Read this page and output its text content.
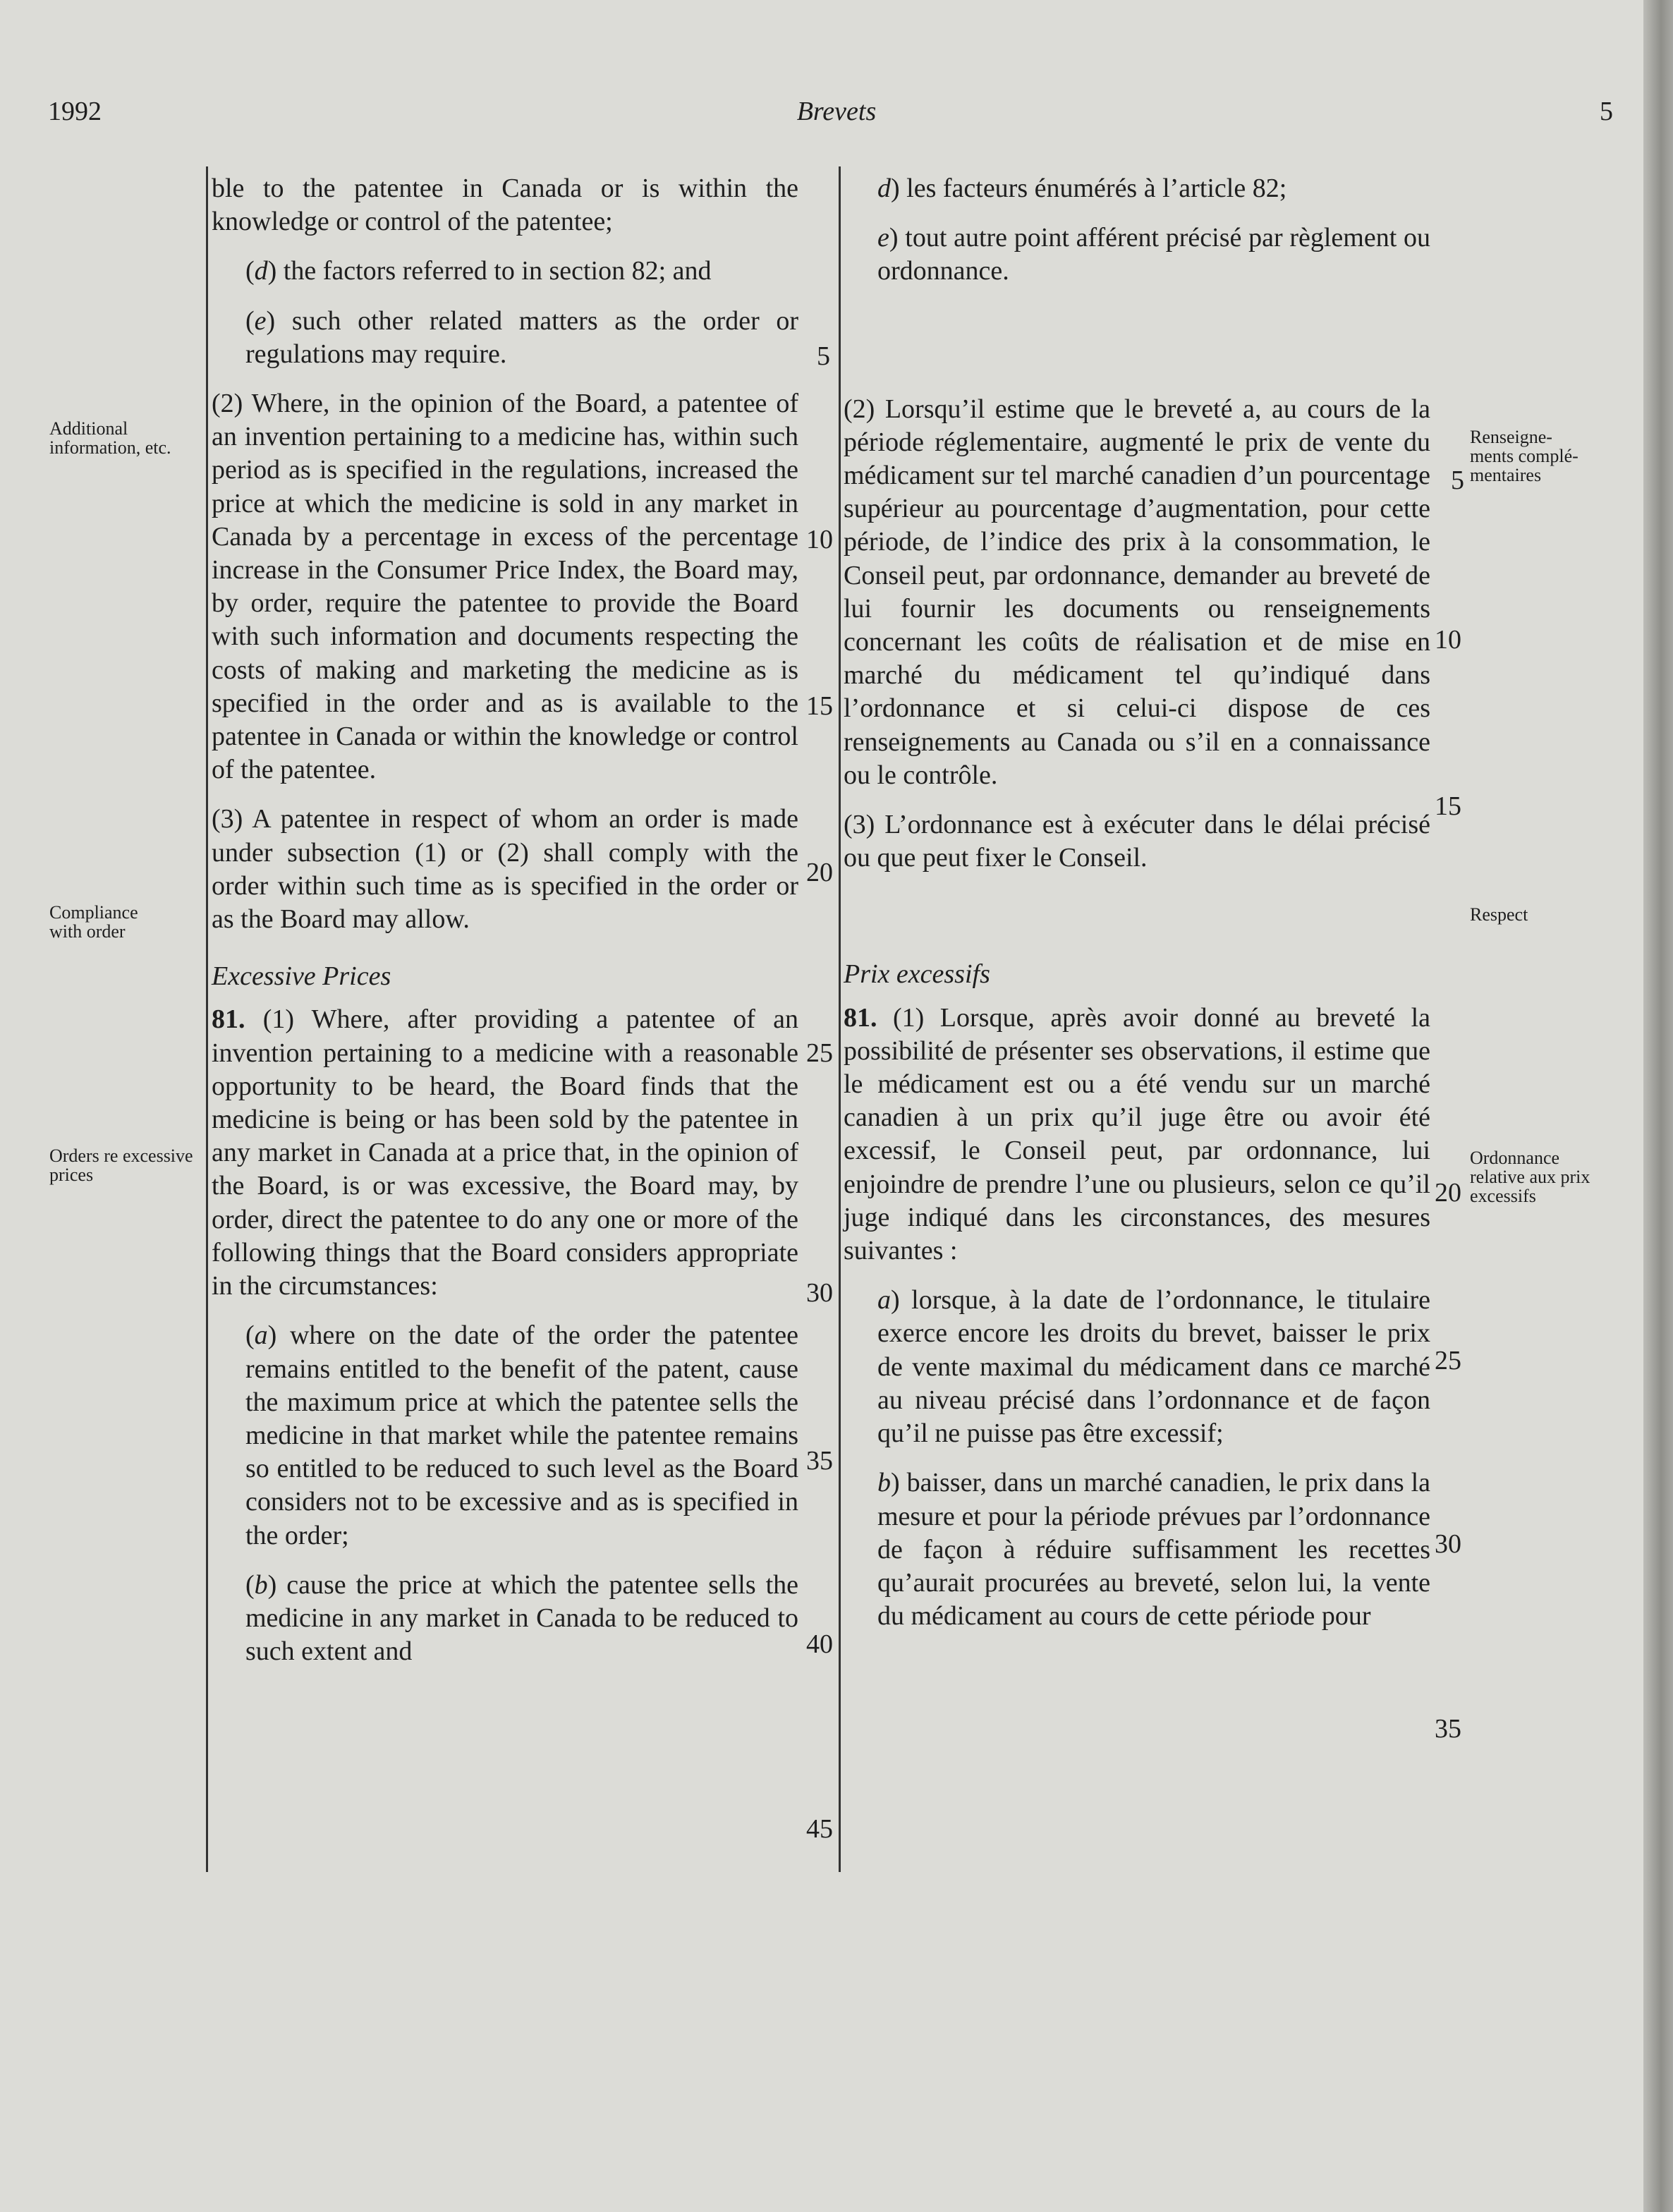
1992	Brevets	5
Additional information, etc.
Compliance with order
Orders re excessive prices
Renseigne- ments complé- mentaires
Respect
Ordonnance relative aux prix excessifs

ble to the patentee in Canada or is within the knowledge or control of the patentee;

(d) the factors referred to in section 82; and

(e) such other related matters as the order or regulations may require.

(2) Where, in the opinion of the Board, a patentee of an invention pertaining to a medicine has, within such period as is specified in the regulations, increased the price at which the medicine is sold in any market in Canada by a percentage in excess of the percentage increase in the Consumer Price Index, the Board may, by order, require the patentee to provide the Board with such information and documents respecting the costs of making and marketing the medicine as is specified in the order and as is available to the patentee in Canada or within the knowledge or control of the patentee.

(3) A patentee in respect of whom an order is made under subsection (1) or (2) shall comply with the order within such time as is specified in the order or as the Board may allow.

Excessive Prices

81. (1) Where, after providing a patentee of an invention pertaining to a medicine with a reasonable opportunity to be heard, the Board finds that the medicine is being or has been sold by the patentee in any market in Canada at a price that, in the opinion of the Board, is or was excessive, the Board may, by order, direct the patentee to do any one or more of the following things that the Board considers appropriate in the circumstances:

(a) where on the date of the order the patentee remains entitled to the benefit of the patent, cause the maximum price at which the patentee sells the medicine in that market while the patentee remains so entitled to be reduced to such level as the Board considers not to be excessive and as is specified in the order;

(b) cause the price at which the patentee sells the medicine in any market in Canada to be reduced to such extent and

d) les facteurs énumérés à l’article 82;

e) tout autre point afférent précisé par règlement ou ordonnance.

(2) Lorsqu’il estime que le breveté a, au cours de la période réglementaire, augmenté le prix de vente du médicament sur tel marché canadien d’un pourcentage supérieur au pourcentage d’augmentation, pour cette période, de l’indice des prix à la consommation, le Conseil peut, par ordonnance, demander au breveté de lui fournir les documents ou renseignements concernant les coûts de réalisation et de mise en marché du médicament tel qu’indiqué dans l’ordonnance et si celui-ci dispose de ces renseignements au Canada ou s’il en a connaissance ou le contrôle.

(3) L’ordonnance est à exécuter dans le délai précisé ou que peut fixer le Conseil.

Prix excessifs

81. (1) Lorsque, après avoir donné au breveté la possibilité de présenter ses observations, il estime que le médicament est ou a été vendu sur un marché canadien à un prix qu’il juge être ou avoir été excessif, le Conseil peut, par ordonnance, lui enjoindre de prendre l’une ou plusieurs, selon ce qu’il juge indiqué dans les circonstances, des mesures suivantes :

a) lorsque, à la date de l’ordonnance, le titulaire exerce encore les droits du brevet, baisser le prix de vente maximal du médicament dans ce marché au niveau précisé dans l’ordonnance et de façon qu’il ne puisse pas être excessif;

b) baisser, dans un marché canadien, le prix dans la mesure et pour la période prévues par l’ordonnance de façon à réduire suffisamment les recettes qu’aurait procurées au breveté, selon lui, la vente du médicament au cours de cette période pour

5
10
15
20
25
30
35
40
45
5
10
15
20
25
30
35
